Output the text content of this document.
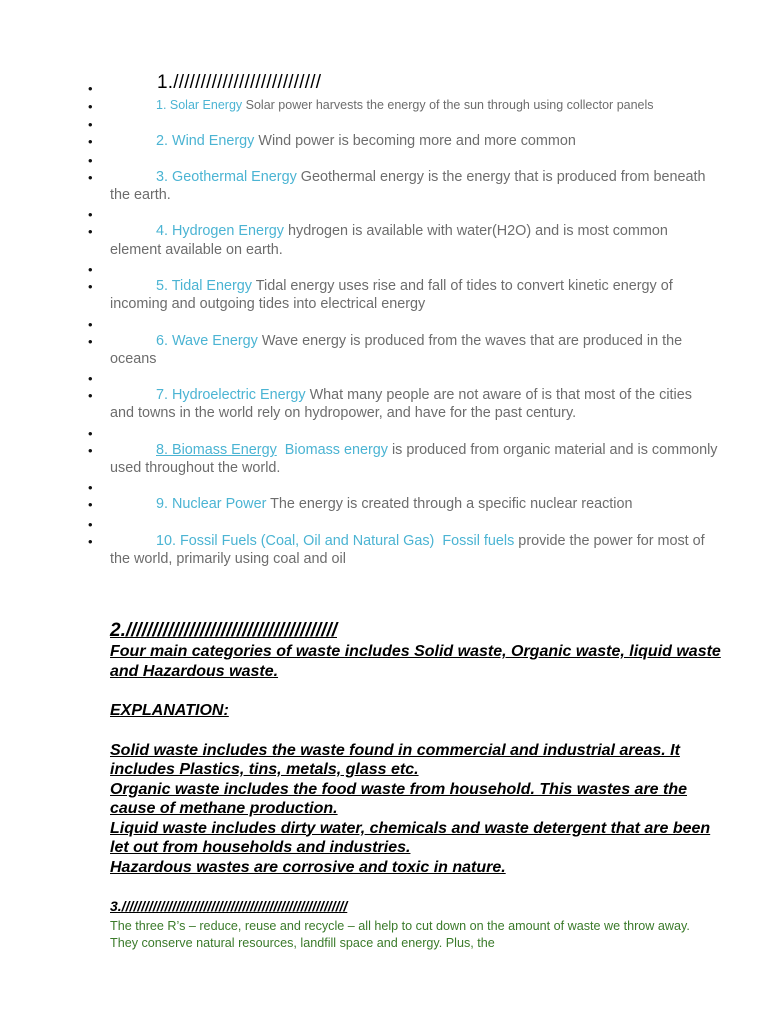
•	1.///////////////////////////
•	1. Solar Energy Solar power harvests the energy of the sun through using collector panels
•
•	2. Wind Energy Wind power is becoming more and more common
•
•	3. Geothermal Energy Geothermal energy is the energy that is produced from beneath the earth.
•
•	4. Hydrogen Energy hydrogen is available with water(H2O) and is most common element available on earth.
•
•	5. Tidal Energy Tidal energy uses rise and fall of tides to convert kinetic energy of incoming and outgoing tides into electrical energy
•
•	6. Wave Energy Wave energy is produced from the waves that are produced in the oceans
•
•	7. Hydroelectric Energy What many people are not aware of is that most of the cities and towns in the world rely on hydropower, and have for the past century.
•
•	8. Biomass Energy Biomass energy is produced from organic material and is commonly used throughout the world.
•
•	9. Nuclear Power The energy is created through a specific nuclear reaction
•
•	10. Fossil Fuels (Coal, Oil and Natural Gas) Fossil fuels provide the power for most of the world, primarily using coal and oil
2.////////////////////////////////////////

Four main categories of waste includes Solid waste, Organic waste, liquid waste and Hazardous waste.

EXPLANATION:

Solid waste includes the waste found in commercial and industrial areas. It includes Plastics, tins, metals, glass etc.

Organic waste includes the food waste from household. This wastes are the cause of methane production.

Liquid waste includes dirty water, chemicals and waste detergent that are been let out from households and industries.

Hazardous wastes are corrosive and toxic in nature.

3.//////////////////////////////////////////////////////////

The three R’s – reduce, reuse and recycle – all help to cut down on the amount of waste we throw away. They conserve natural resources, landfill space and energy. Plus, the
